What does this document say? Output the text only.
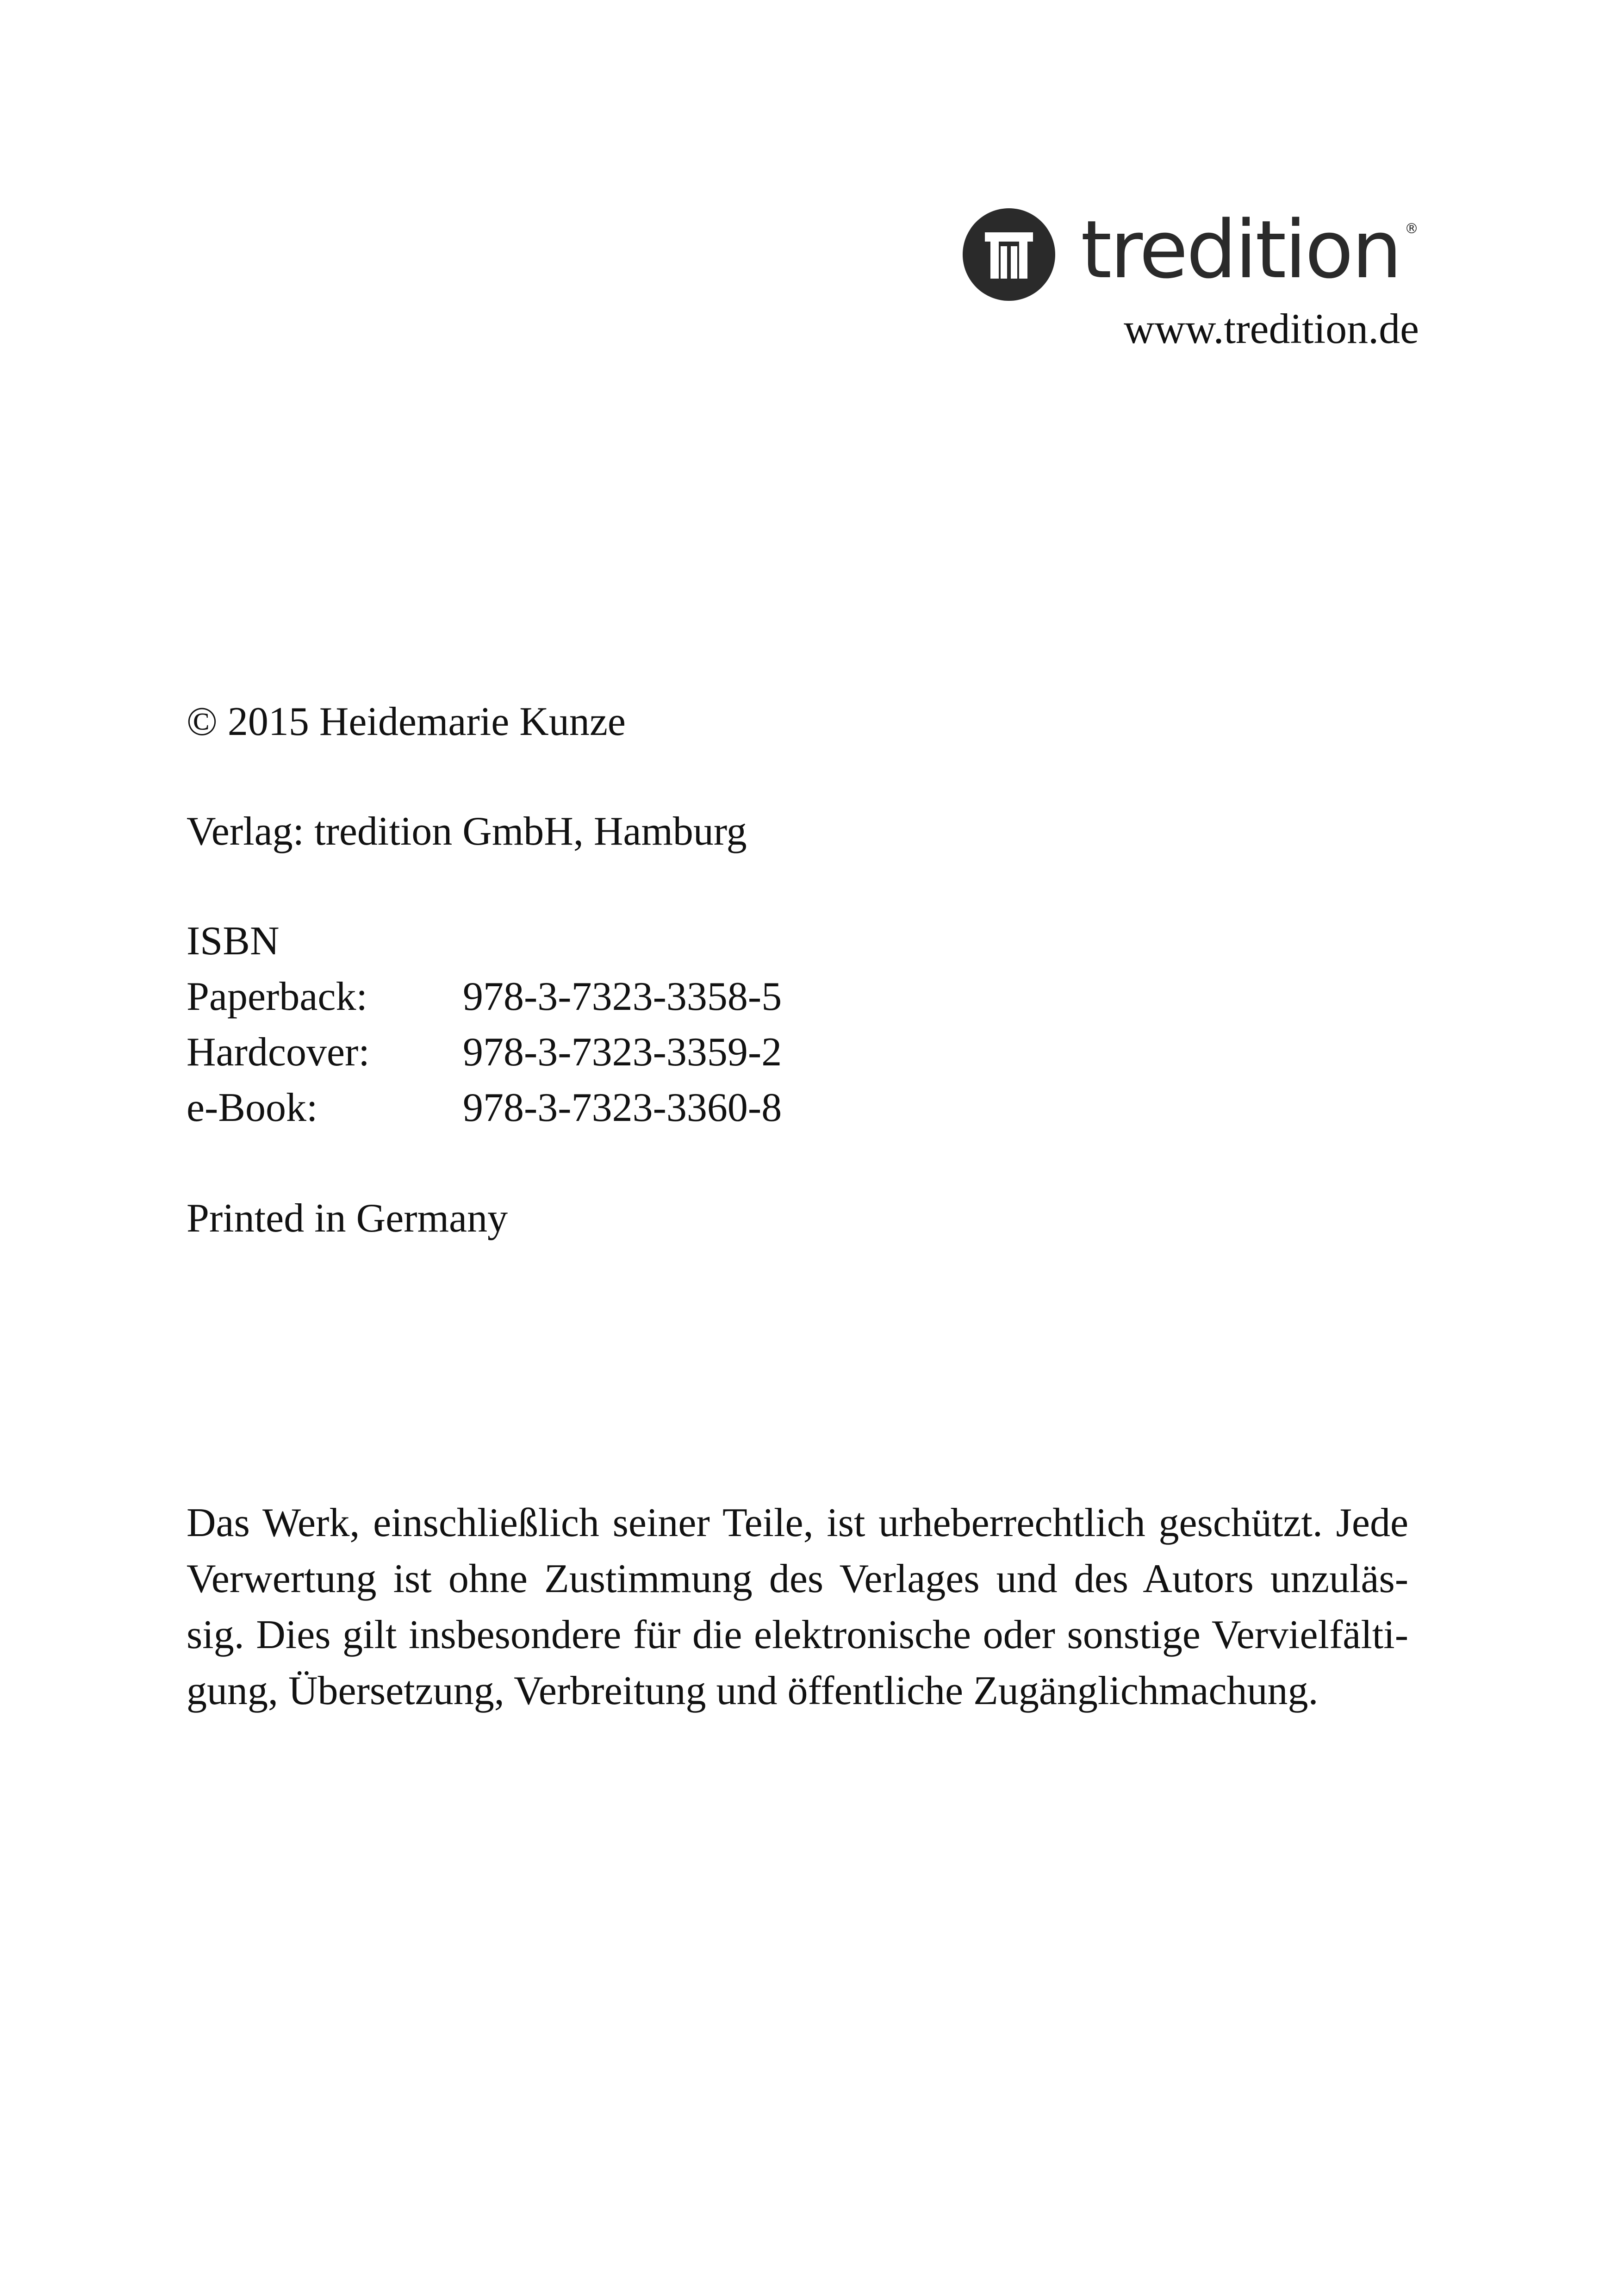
tredition ®
www.tredition.de
© 2015 Heidemarie Kunze
Verlag: tredition GmbH, Hamburg
ISBN
Paperback:	978-3-7323-3358-5
Hardcover:	978-3-7323-3359-2
e-Book:	978-3-7323-3360-8
Printed in Germany
Das Werk, einschließlich seiner Teile, ist urheberrechtlich geschützt. Jede
Verwertung ist ohne Zustimmung des Verlages und des Autors unzuläs-
sig. Dies gilt insbesondere für die elektronische oder sonstige Vervielfälti-
gung, Übersetzung, Verbreitung und öffentliche Zugänglichmachung.
